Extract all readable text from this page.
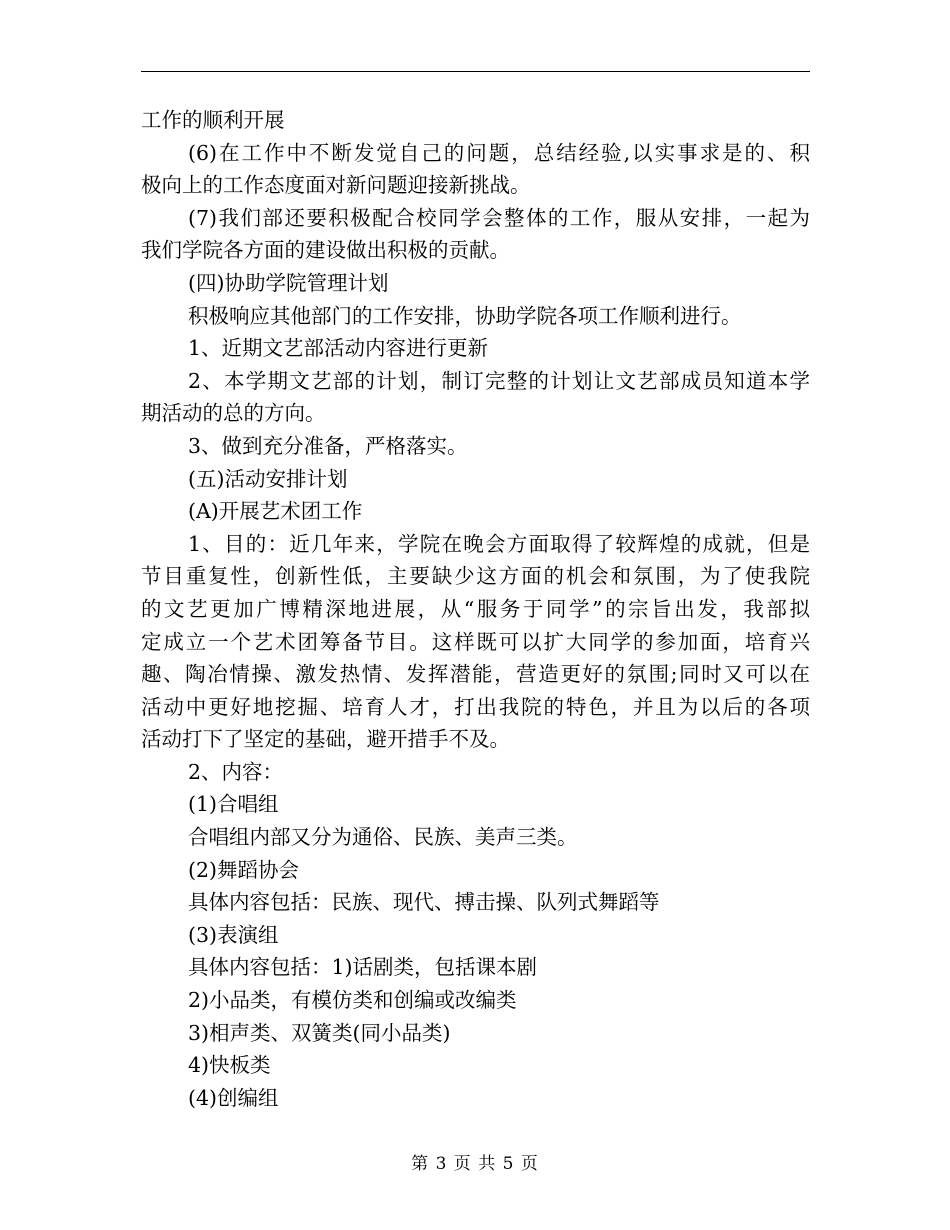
工作的顺利开展
(6)在工作中不断发觉自己的问题，总结经验,以实事求是的、积
极向上的工作态度面对新问题迎接新挑战。
(7)我们部还要积极配合校同学会整体的工作，服从安排，一起为
我们学院各方面的建设做出积极的贡献。
(四)协助学院管理计划
积极响应其他部门的工作安排，协助学院各项工作顺利进行。
1、近期文艺部活动内容进行更新
2、本学期文艺部的计划，制订完整的计划让文艺部成员知道本学
期活动的总的方向。
3、做到充分准备，严格落实。
(五)活动安排计划
(A)开展艺术团工作
1、目的：近几年来，学院在晚会方面取得了较辉煌的成就，但是
节目重复性，创新性低，主要缺少这方面的机会和氛围，为了使我院
的文艺更加广博精深地进展，从“服务于同学”的宗旨出发，我部拟
定成立一个艺术团筹备节目。这样既可以扩大同学的参加面，培育兴
趣、陶冶情操、激发热情、发挥潜能，营造更好的氛围;同时又可以在
活动中更好地挖掘、培育人才，打出我院的特色，并且为以后的各项
活动打下了坚定的基础，避开措手不及。
2、内容：
(1)合唱组
合唱组内部又分为通俗、民族、美声三类。
(2)舞蹈协会
具体内容包括：民族、现代、搏击操、队列式舞蹈等
(3)表演组
具体内容包括：1)话剧类，包括课本剧
2)小品类，有模仿类和创编或改编类
3)相声类、双簧类(同小品类)
4)快板类
(4)创编组
第 3 页 共 5 页
